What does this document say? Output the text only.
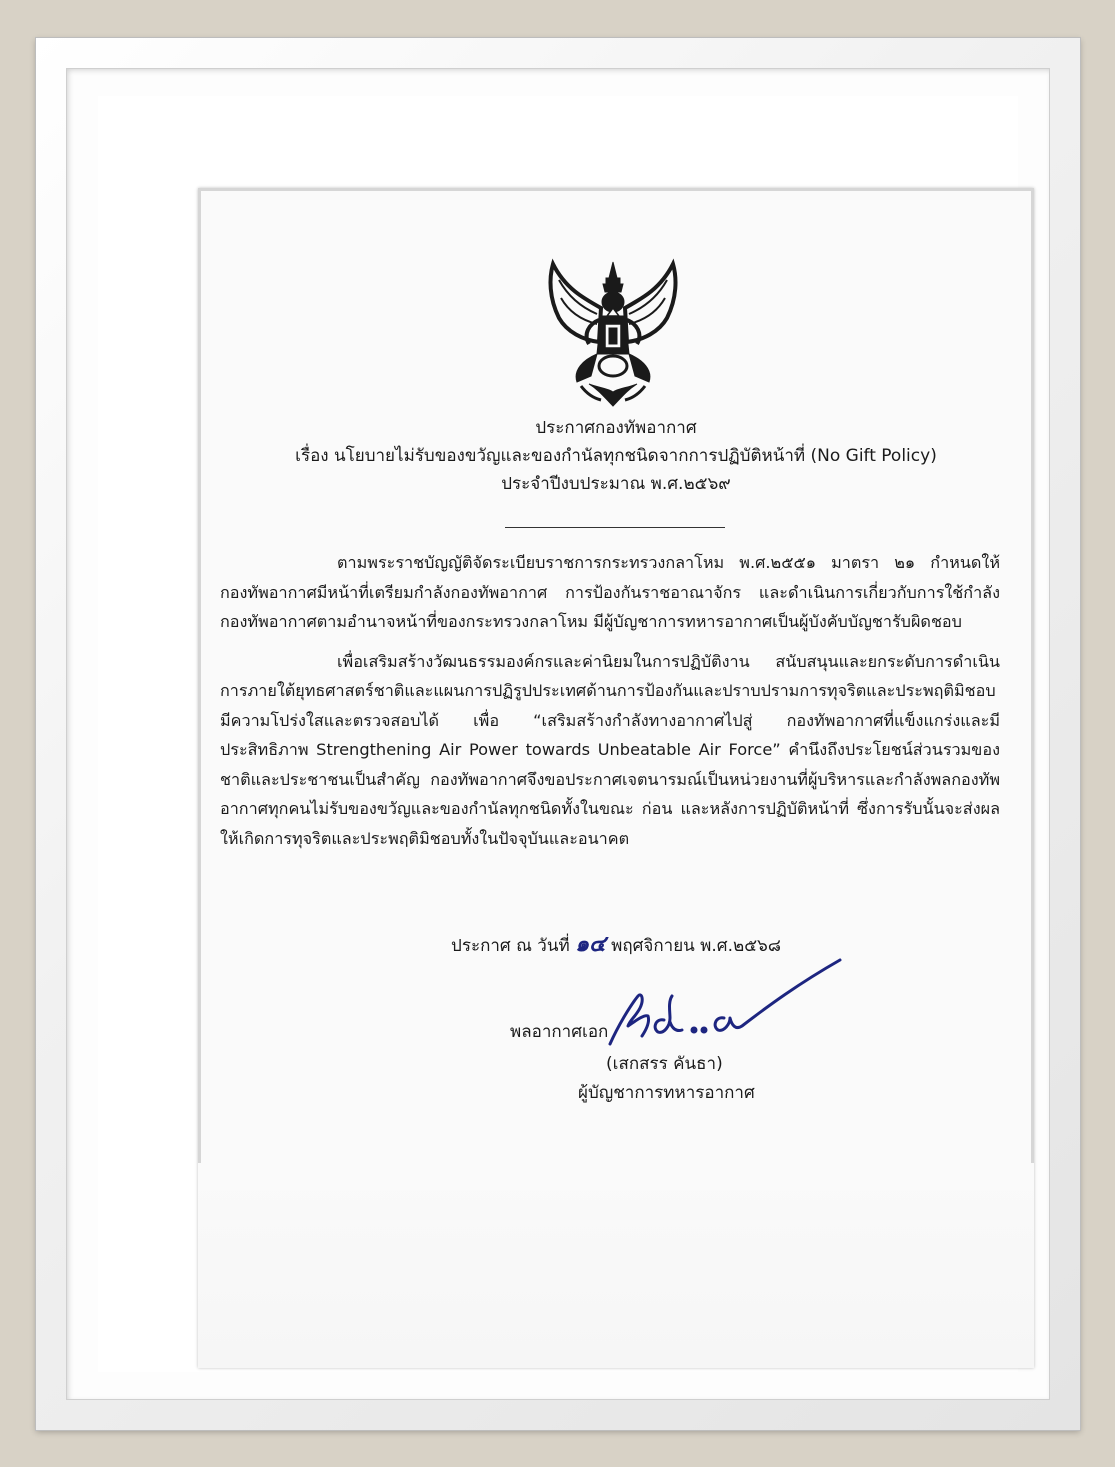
ประกาศกองทัพอากาศ
เรื่อง นโยบายไม่รับของขวัญและของกำนัลทุกชนิดจากการปฏิบัติหน้าที่ (No Gift Policy)
ประจำปีงบประมาณ พ.ศ.๒๕๖๙

ตามพระราชบัญญัติจัดระเบียบราชการกระทรวงกลาโหม พ.ศ.๒๕๕๑ มาตรา ๒๑ กำหนดให้กองทัพอากาศมีหน้าที่เตรียมกำลังกองทัพอากาศ การป้องกันราชอาณาจักร และดำเนินการเกี่ยวกับการใช้กำลังกองทัพอากาศตามอำนาจหน้าที่ของกระทรวงกลาโหม มีผู้บัญชาการทหารอากาศเป็นผู้บังคับบัญชารับผิดชอบ

เพื่อเสริมสร้างวัฒนธรรมองค์กรและค่านิยมในการปฏิบัติงาน สนับสนุนและยกระดับการดำเนินการภายใต้ยุทธศาสตร์ชาติและแผนการปฏิรูปประเทศด้านการป้องกันและปราบปรามการทุจริตและประพฤติมิชอบ มีความโปร่งใสและตรวจสอบได้ เพื่อ “เสริมสร้างกำลังทางอากาศไปสู่ กองทัพอากาศที่แข็งแกร่งและมีประสิทธิภาพ Strengthening Air Power towards Unbeatable Air Force” คำนึงถึงประโยชน์ส่วนรวมของชาติและประชาชนเป็นสำคัญ กองทัพอากาศจึงขอประกาศเจตนารมณ์เป็นหน่วยงานที่ผู้บริหารและกำลังพลกองทัพอากาศทุกคนไม่รับของขวัญและของกำนัลทุกชนิดทั้งในขณะ ก่อน และหลังการปฏิบัติหน้าที่ ซึ่งการรับนั้นจะส่งผลให้เกิดการทุจริตและประพฤติมิชอบทั้งในปัจจุบันและอนาคต

ประกาศ ณ วันที่ ๑๔ พฤศจิกายน พ.ศ.๒๕๖๘
พลอากาศเอก
(เสกสรร คันธา)
ผู้บัญชาการทหารอากาศ
